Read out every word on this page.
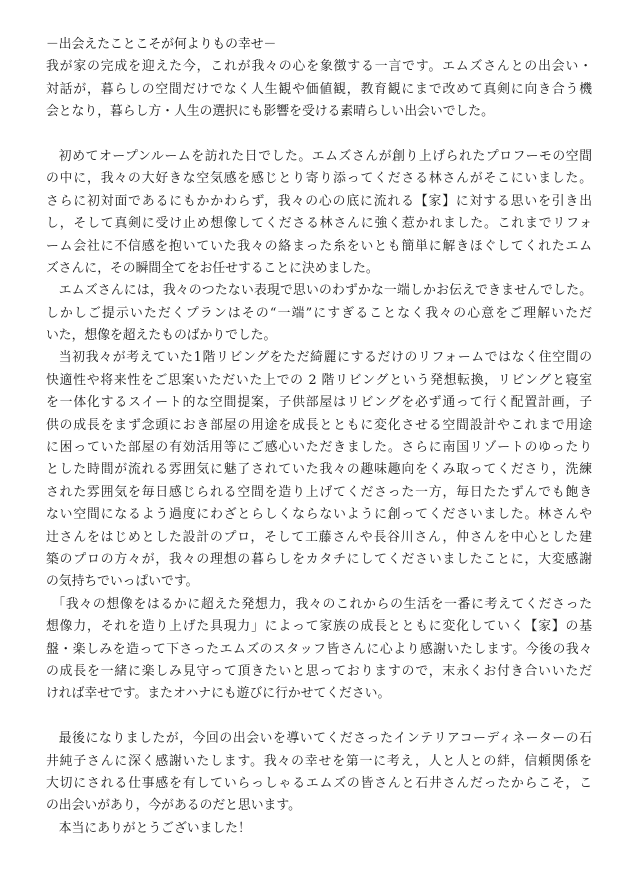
－出会えたことこそが何よりもの幸せ－
我が家の完成を迎えた今，これが我々の心を象徴する一言です。エムズさんとの出会い・
対話が，暮らしの空間だけでなく人生観や価値観，教育観にまで改めて真剣に向き合う機
会となり，暮らし方・人生の選択にも影響を受ける素晴らしい出会いでした。
初めてオープンルームを訪れた日でした。エムズさんが創り上げられたプロフーモの空間
の中に，我々の大好きな空気感を感じとり寄り添ってくださる林さんがそこにいました。
さらに初対面であるにもかかわらず，我々の心の底に流れる【家】に対する思いを引き出
し，そして真剣に受け止め想像してくださる林さんに強く惹かれました。これまでリフォ
ーム会社に不信感を抱いていた我々の絡まった糸をいとも簡単に解きほぐしてくれたエム
ズさんに，その瞬間全てをお任せすることに決めました。
エムズさんには，我々のつたない表現で思いのわずかな一端しかお伝えできませんでした。
しかしご提示いただくプランはその“一端”にすぎることなく我々の心意をご理解いただ
いた，想像を超えたものばかりでした。
当初我々が考えていた1階リビングをただ綺麗にするだけのリフォームではなく住空間の
快適性や将来性をご思案いただいた上での 2 階リビングという発想転換，リビングと寝室
を一体化するスイート的な空間提案，子供部屋はリビングを必ず通って行く配置計画，子
供の成長をまず念頭におき部屋の用途を成長とともに変化させる空間設計やこれまで用途
に困っていた部屋の有効活用等にご感心いただきました。さらに南国リゾートのゆったり
とした時間が流れる雰囲気に魅了されていた我々の趣味趣向をくみ取ってくださり，洗練
された雰囲気を毎日感じられる空間を造り上げてくださった一方，毎日たたずんでも飽き
ない空間になるよう過度にわざとらしくならないように創ってくださいました。林さんや
辻さんをはじめとした設計のプロ，そして工藤さんや長谷川さん，仲さんを中心とした建
築のプロの方々が，我々の理想の暮らしをカタチにしてくださいましたことに，大変感謝
の気持ちでいっぱいです。
「我々の想像をはるかに超えた発想力，我々のこれからの生活を一番に考えてくださった
想像力，それを造り上げた具現力」によって家族の成長とともに変化していく【家】の基
盤・楽しみを造って下さったエムズのスタッフ皆さんに心より感謝いたします。今後の我々
の成長を一緒に楽しみ見守って頂きたいと思っておりますので，末永くお付き合いいただ
ければ幸せです。またオハナにも遊びに行かせてください。
最後になりましたが，今回の出会いを導いてくださったインテリアコーディネーターの石
井純子さんに深く感謝いたします。我々の幸せを第一に考え，人と人との絆，信頼関係を
大切にされる仕事感を有していらっしゃるエムズの皆さんと石井さんだったからこそ，こ
の出会いがあり，今があるのだと思います。
本当にありがとうございました！
